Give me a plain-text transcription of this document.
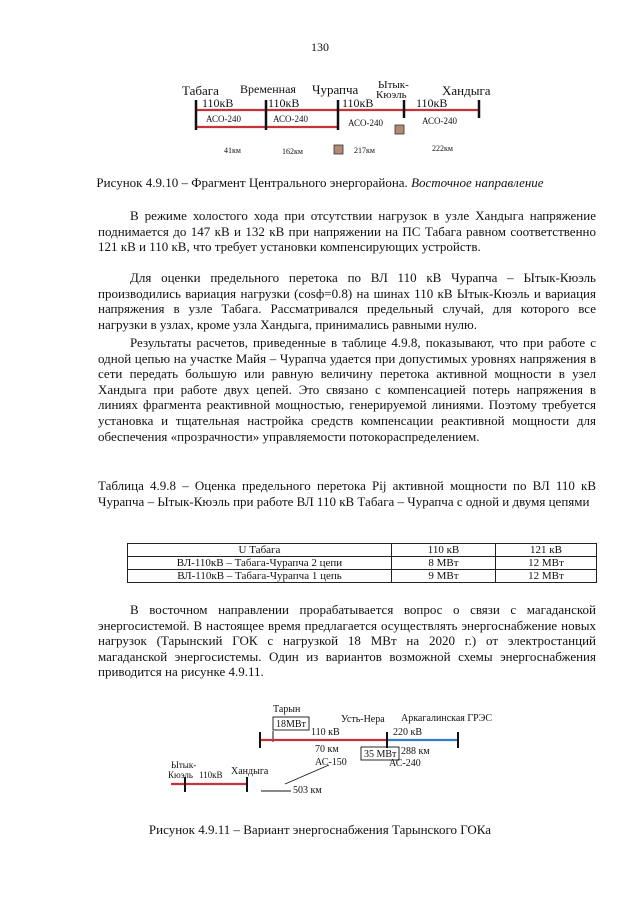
130
Табага Временная Чурапча Ытык-
Кюэль	Хандыга
110кВ	110кВ	110кВ	110кВ
АСО-240	АСО-240	АСО-240	АСО-240
41км	162км	217км	222км
Рисунок 4.9.10 – Фрагмент Центрального энергорайона. Восточное направление
В режиме холостого хода при отсутствии нагрузок в узле Хандыга напряжение поднимается до 147 кВ и 132 кВ при напряжении на ПС Табага равном соответственно 121 кВ и 110 кВ, что требует установки компенсирующих устройств.
Для оценки предельного перетока по ВЛ 110 кВ Чурапча – Ытык-Кюэль производились вариация нагрузки (cosф=0.8) на шинах 110 кВ Ытык-Кюэль и вариация напряжения в узле Табага. Рассматривался предельный случай, для которого все нагрузки в узлах, кроме узла Хандыга, принимались равными нулю.
Результаты расчетов, приведенные в таблице 4.9.8, показывают, что при работе с одной цепью на участке Майя – Чурапча удается при допустимых уровнях напряжения в сети передать большую или равную величину перетока активной мощности в узел Хандыга при работе двух цепей. Это связано с компенсацией потерь напряжения в линиях фрагмента реактивной мощностью, генерируемой линиями. Поэтому требуется установка и тщательная настройка средств компенсации реактивной мощности для обеспечения «прозрачности» управляемости потокораспределением.
Таблица 4.9.8 – Оценка предельного перетока Pij активной мощности по ВЛ 110 кВ Чурапча – Ытык-Кюэль при работе ВЛ 110 кВ Табага – Чурапча с одной и двумя цепями
U Табага	110 кВ	121 кВ
ВЛ-110кВ – Табага-Чурапча 2 цепи	8 МВт	12 МВт
ВЛ-110кВ – Табага-Чурапча 1 цепь	9 МВт	12 МВт
В восточном направлении прорабатывается вопрос о связи с магаданской энергосистемой. В настоящее время предлагается осуществлять энергоснабжение новых нагрузок (Тарынский ГОК с нагрузкой 18 МВт на 2020 г.) от электростанций магаданской энергосистемы. Один из вариантов возможной схемы энергоснабжения приводится на рисунке 4.9.11.
Тарын
18МВт	Усть-Нера Аркагалинская ГРЭС
110 кВ	220 кВ
70 км	35 МВт 288 км
АС-150	АС-240
Ытык-
Кюэль 110кВ Хандыга
503 км
Рисунок 4.9.11 – Вариант энергоснабжения Тарынского ГОКа
